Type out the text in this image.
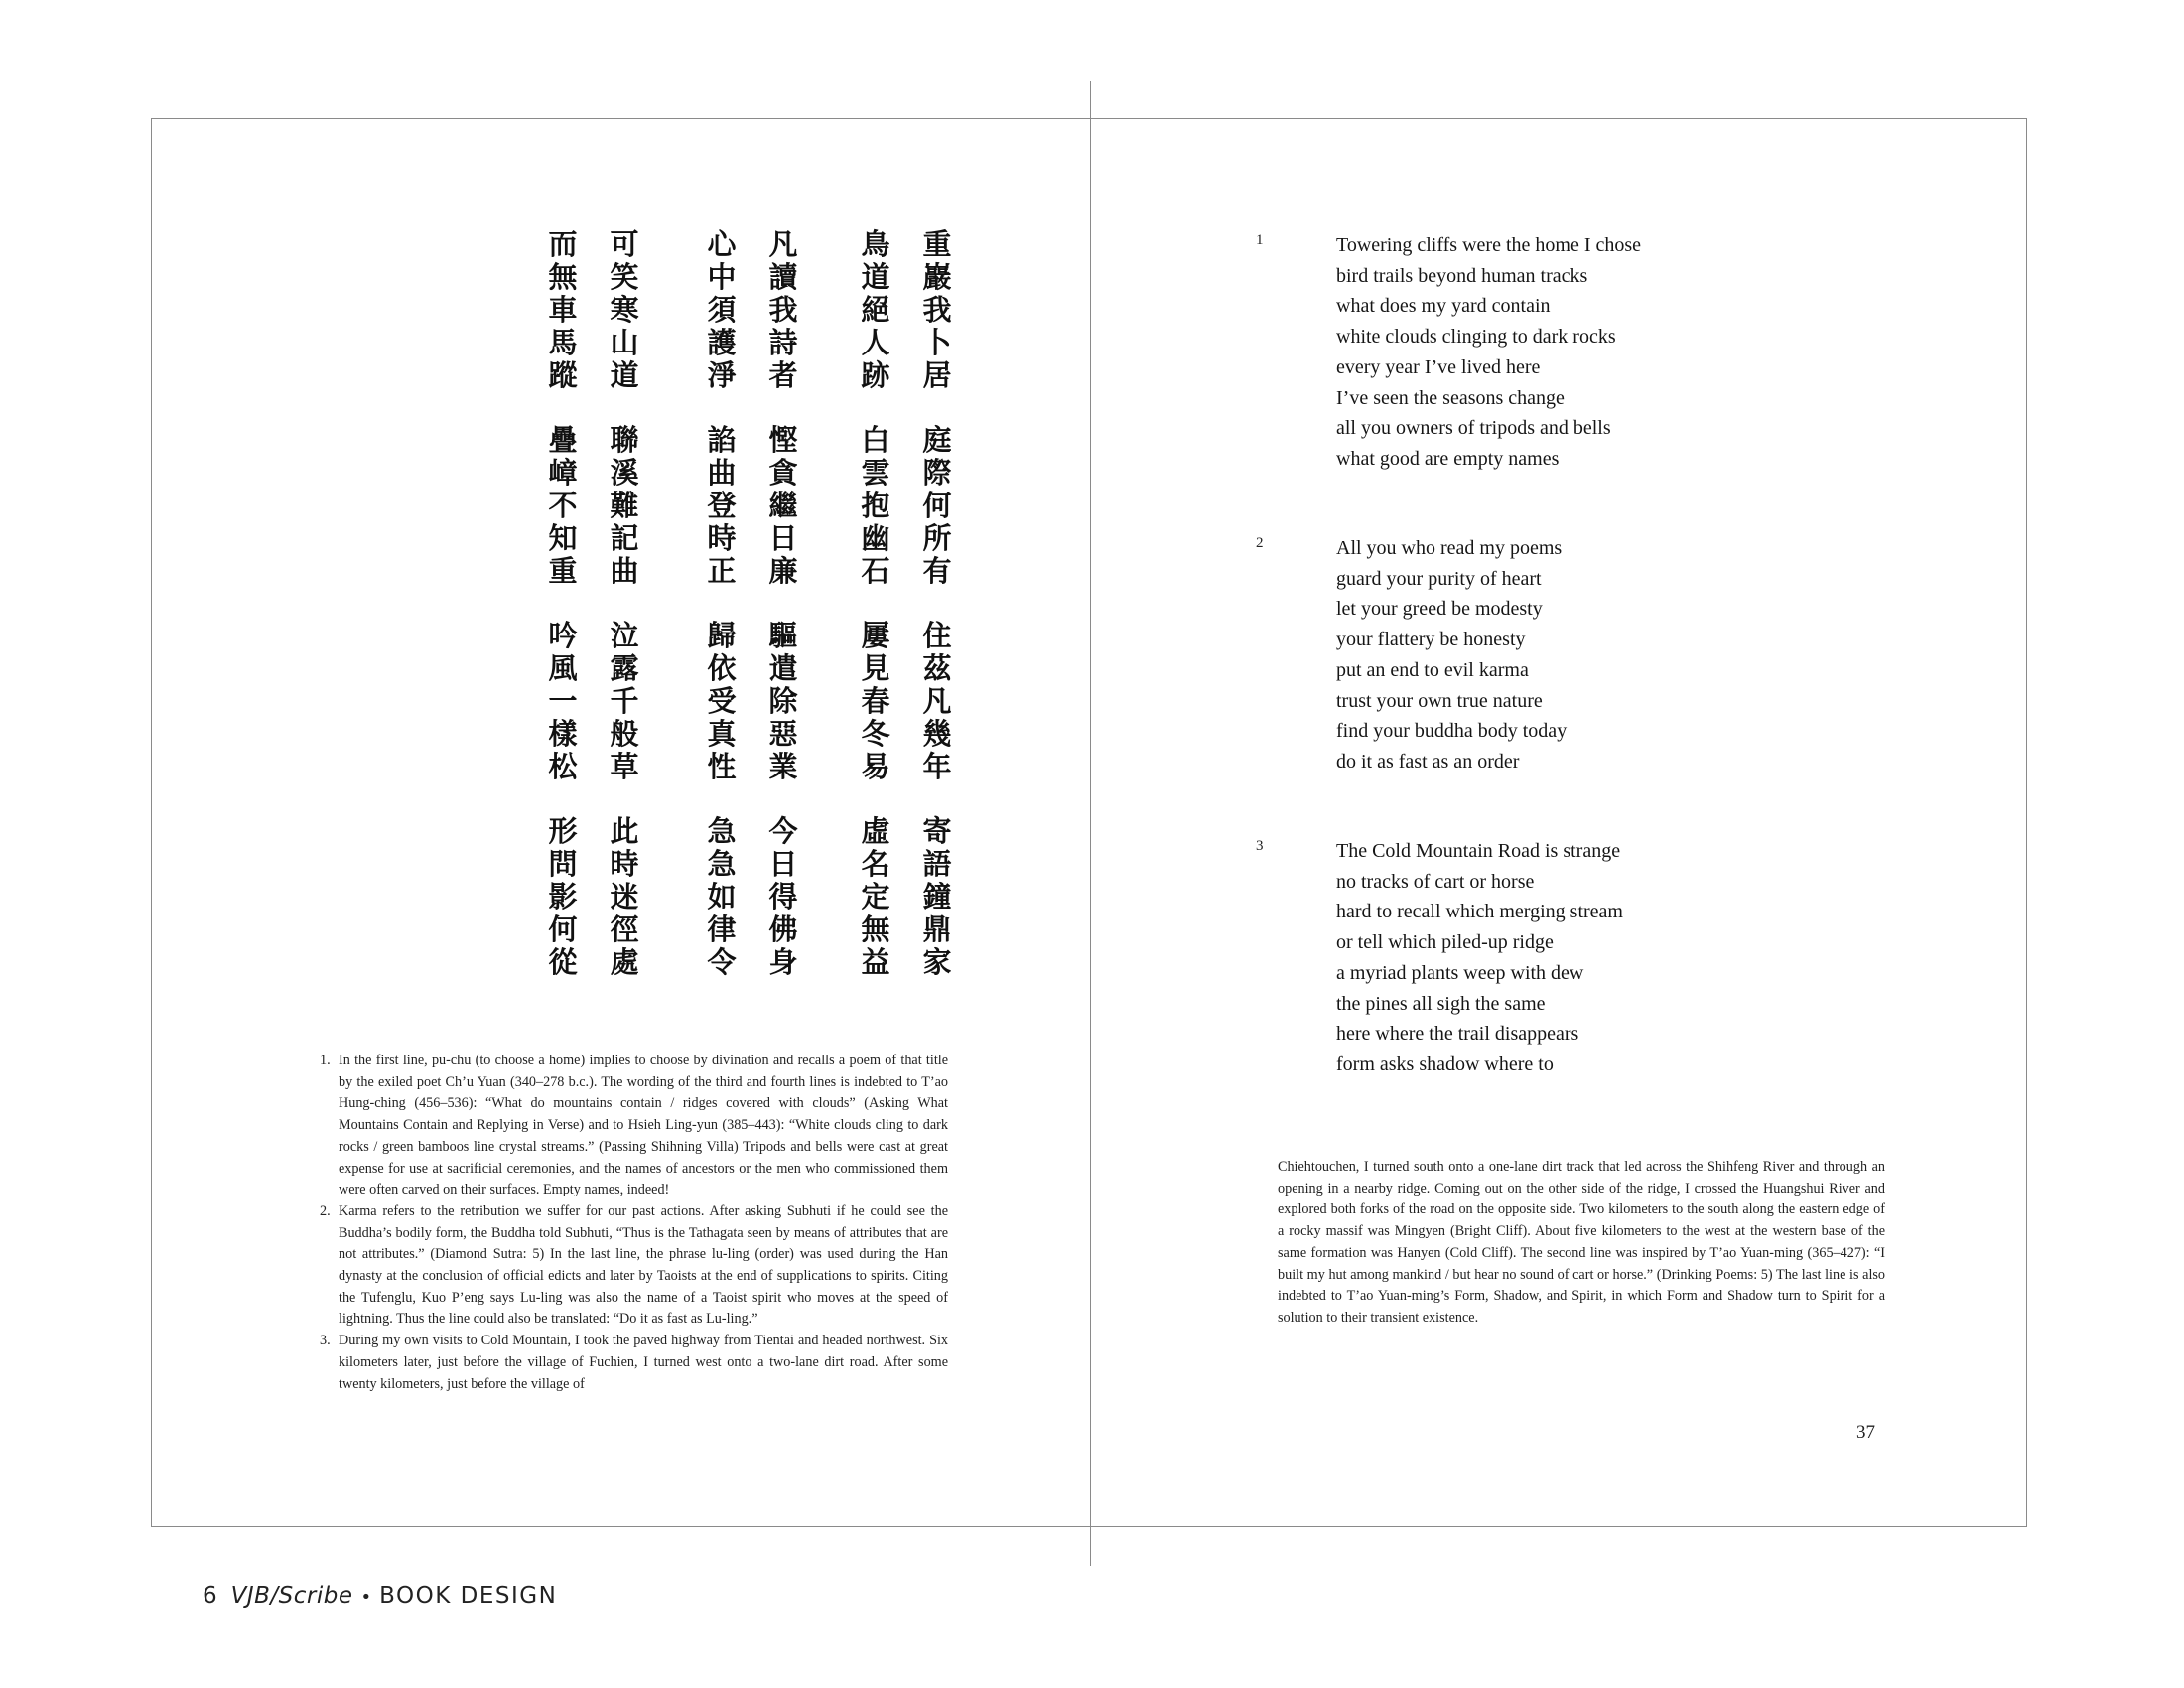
重
巖
我
卜
居
庭
際
何
所
有
住
茲
凡
幾
年
寄
語
鐘
鼎
家
鳥
道
絕
人
跡
白
雲
抱
幽
石
屢
見
春
冬
易
虛
名
定
無
益
凡
讀
我
詩
者
慳
貪
繼
日
廉
驅
遣
除
惡
業
今
日
得
佛
身
心
中
須
護
淨
諂
曲
登
時
正
歸
依
受
真
性
急
急
如
律
令
可
笑
寒
山
道
聯
溪
難
記
曲
泣
露
千
般
草
此
時
迷
徑
處
而
無
車
馬
蹤
疊
嶂
不
知
重
吟
風
一
樣
松
形
問
影
何
從
1	Towering cliffs were the home I chose
bird trails beyond human tracks
what does my yard contain
white clouds clinging to dark rocks
every year I’ve lived here
I’ve seen the seasons change
all you owners of tripods and bells
what good are empty names
2	All you who read my poems
guard your purity of heart
let your greed be modesty
your flattery be honesty
put an end to evil karma
trust your own true nature
find your buddha body today
do it as fast as an order
3	The Cold Mountain Road is strange
no tracks of cart or horse
hard to recall which merging stream
or tell which piled-up ridge
a myriad plants weep with dew
the pines all sigh the same
here where the trail disappears
form asks shadow where to
1. In the first line, pu-chu (to choose a home) implies to choose by divination and recalls a poem of that title by the exiled poet Ch’u Yuan (340–278 b.c.). The wording of the third and fourth lines is indebted to T’ao Hung-ching (456–536): “What do mountains contain / ridges covered with clouds” (Asking What Mountains Contain and Replying in Verse) and to Hsieh Ling-yun (385–443): “White clouds cling to dark rocks / green bamboos line crystal streams.” (Passing Shihning Villa) Tripods and bells were cast at great expense for use at sacrificial ceremonies, and the names of ancestors or the men who commissioned them were often carved on their surfaces. Empty names, indeed!
2. Karma refers to the retribution we suffer for our past actions. After asking Subhuti if he could see the Buddha’s bodily form, the Buddha told Subhuti, “Thus is the Tathagata seen by means of attributes that are not attributes.” (Diamond Sutra: 5) In the last line, the phrase lu-ling (order) was used during the Han dynasty at the conclusion of official edicts and later by Taoists at the end of supplications to spirits. Citing the Tufenglu, Kuo P’eng says Lu-ling was also the name of a Taoist spirit who moves at the speed of lightning. Thus the line could also be translated: “Do it as fast as Lu-ling.”
3. During my own visits to Cold Mountain, I took the paved highway from Tientai and headed northwest. Six kilometers later, just before the village of Fuchien, I turned west onto a two-lane dirt road. After some twenty kilometers, just before the village of
Chiehtouchen, I turned south onto a one-lane dirt track that led across the Shihfeng River and through an opening in a nearby ridge. Coming out on the other side of the ridge, I crossed the Huangshui River and explored both forks of the road on the opposite side. Two kilometers to the south along the eastern edge of a rocky massif was Mingyen (Bright Cliff). About five kilometers to the west at the western base of the same formation was Hanyen (Cold Cliff). The second line was inspired by T’ao Yuan-ming (365–427): “I built my hut among mankind / but hear no sound of cart or horse.” (Drinking Poems: 5) The last line is also indebted to T’ao Yuan-ming’s Form, Shadow, and Spirit, in which Form and Shadow turn to Spirit for a solution to their transient existence.
37
6 VJB/Scribe • BOOK DESIGN
